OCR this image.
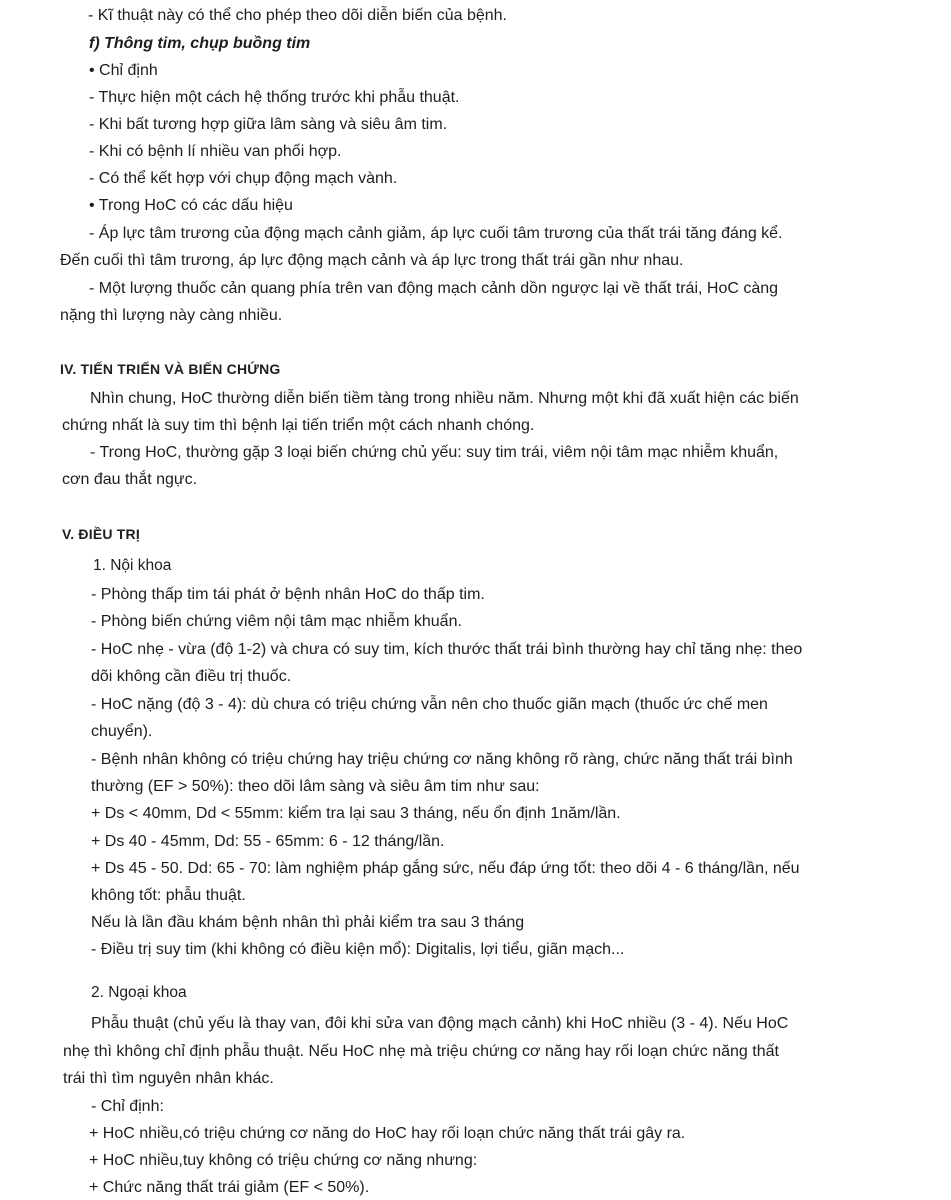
- Kĩ thuật này có thể cho phép theo dõi diễn biến của bệnh.
f) Thông tim, chụp buồng tim
• Chỉ định
- Thực hiện một cách hệ thống trước khi phẫu thuật.
- Khi bất tương hợp giữa lâm sàng và siêu âm tim.
- Khi có bệnh lí nhiều van phối hợp.
- Có thể kết hợp với chụp động mạch vành.
• Trong HoC có các dấu hiệu
- Áp lực tâm trương của động mạch cảnh giảm, áp lực cuối tâm trương của thất trái tăng đáng kể.
Đến cuối thì tâm trương, áp lực động mạch cảnh và áp lực trong thất trái gần như nhau.
- Một lượng thuốc cản quang phía trên van động mạch cảnh dồn ngược lại về thất trái, HoC càng
nặng thì lượng này càng nhiều.
IV. TIẾN TRIỂN VÀ BIẾN CHỨNG
Nhìn chung, HoC thường diễn biến tiềm tàng trong nhiều năm. Nhưng một khi đã xuất hiện các biến
chứng nhất là suy tim thì bệnh lại tiến triển một cách nhanh chóng.
- Trong HoC, thường gặp 3 loại biến chứng chủ yếu: suy tim trái, viêm nội tâm mạc nhiễm khuẩn,
cơn đau thắt ngực.
V. ĐIỀU TRỊ
1. Nội khoa
- Phòng thấp tim tái phát ở bệnh nhân HoC do thấp tim.
- Phòng biến chứng viêm nội tâm mạc nhiễm khuẩn.
- HoC nhẹ - vừa (độ 1-2) và chưa có suy tim, kích thước thất trái bình thường hay chỉ tăng nhẹ: theo
dõi không cần điều trị thuốc.
- HoC nặng (độ 3 - 4): dù chưa có triệu chứng vẫn nên cho thuốc giãn mạch (thuốc ức chế men
chuyển).
- Bệnh nhân không có triệu chứng hay triệu chứng cơ năng không rõ ràng, chức năng thất trái bình
thường (EF > 50%): theo dõi lâm sàng và siêu âm tim như sau:
+ Ds < 40mm, Dd < 55mm: kiểm tra lại sau 3 tháng, nếu ổn định 1năm/lần.
+ Ds 40 - 45mm, Dd: 55 - 65mm: 6 - 12 tháng/lần.
+ Ds 45 - 50. Dd: 65 - 70: làm nghiệm pháp gắng sức, nếu đáp ứng tốt: theo dõi 4 - 6 tháng/lần, nếu
không tốt: phẫu thuật.
Nếu là lần đầu khám bệnh nhân thì phải kiểm tra sau 3 tháng
- Điều trị suy tim (khi không có điều kiện mổ): Digitalis, lợi tiểu, giãn mạch...
2. Ngoại khoa
Phẫu thuật (chủ yếu là thay van, đôi khi sửa van động mạch cảnh) khi HoC nhiều (3 - 4). Nếu HoC
nhẹ thì không chỉ định phẫu thuật. Nếu HoC nhẹ mà triệu chứng cơ năng hay rối loạn chức năng thất
trái thì tìm nguyên nhân khác.
- Chỉ định:
+ HoC nhiều,có triệu chứng cơ năng do HoC hay rối loạn chức năng thất trái gây ra.
+ HoC nhiều,tuy không có triệu chứng cơ năng nhưng:
+ Chức năng thất trái giảm (EF < 50%).
